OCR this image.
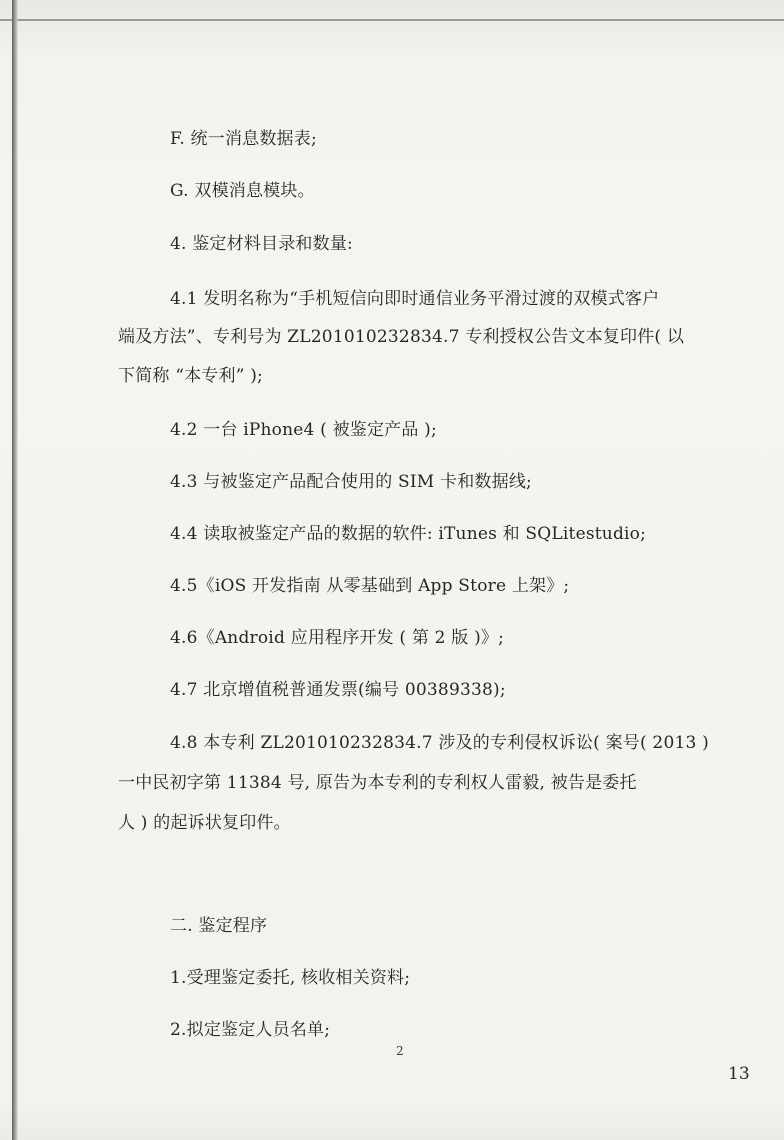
F. 统一消息数据表;
G. 双模消息模块。
4. 鉴定材料目录和数量:
4.1 发明名称为“手机短信向即时通信业务平滑过渡的双模式客户
端及方法”、专利号为 ZL201010232834.7 专利授权公告文本复印件( 以
下简称 “本专利” );
4.2 一台 iPhone4 ( 被鉴定产品 );
4.3 与被鉴定产品配合使用的 SIM 卡和数据线;
4.4 读取被鉴定产品的数据的软件: iTunes 和 SQLitestudio;
4.5《iOS 开发指南 从零基础到 App Store 上架》;
4.6《Android 应用程序开发 ( 第 2 版 )》;
4.7 北京增值税普通发票(编号 00389338);
4.8 本专利 ZL201010232834.7 涉及的专利侵权诉讼( 案号( 2013 )
一中民初字第 11384 号, 原告为本专利的专利权人雷毅, 被告是委托
人 ) 的起诉状复印件。
二. 鉴定程序
1.受理鉴定委托, 核收相关资料;
2.拟定鉴定人员名单;
2
13
